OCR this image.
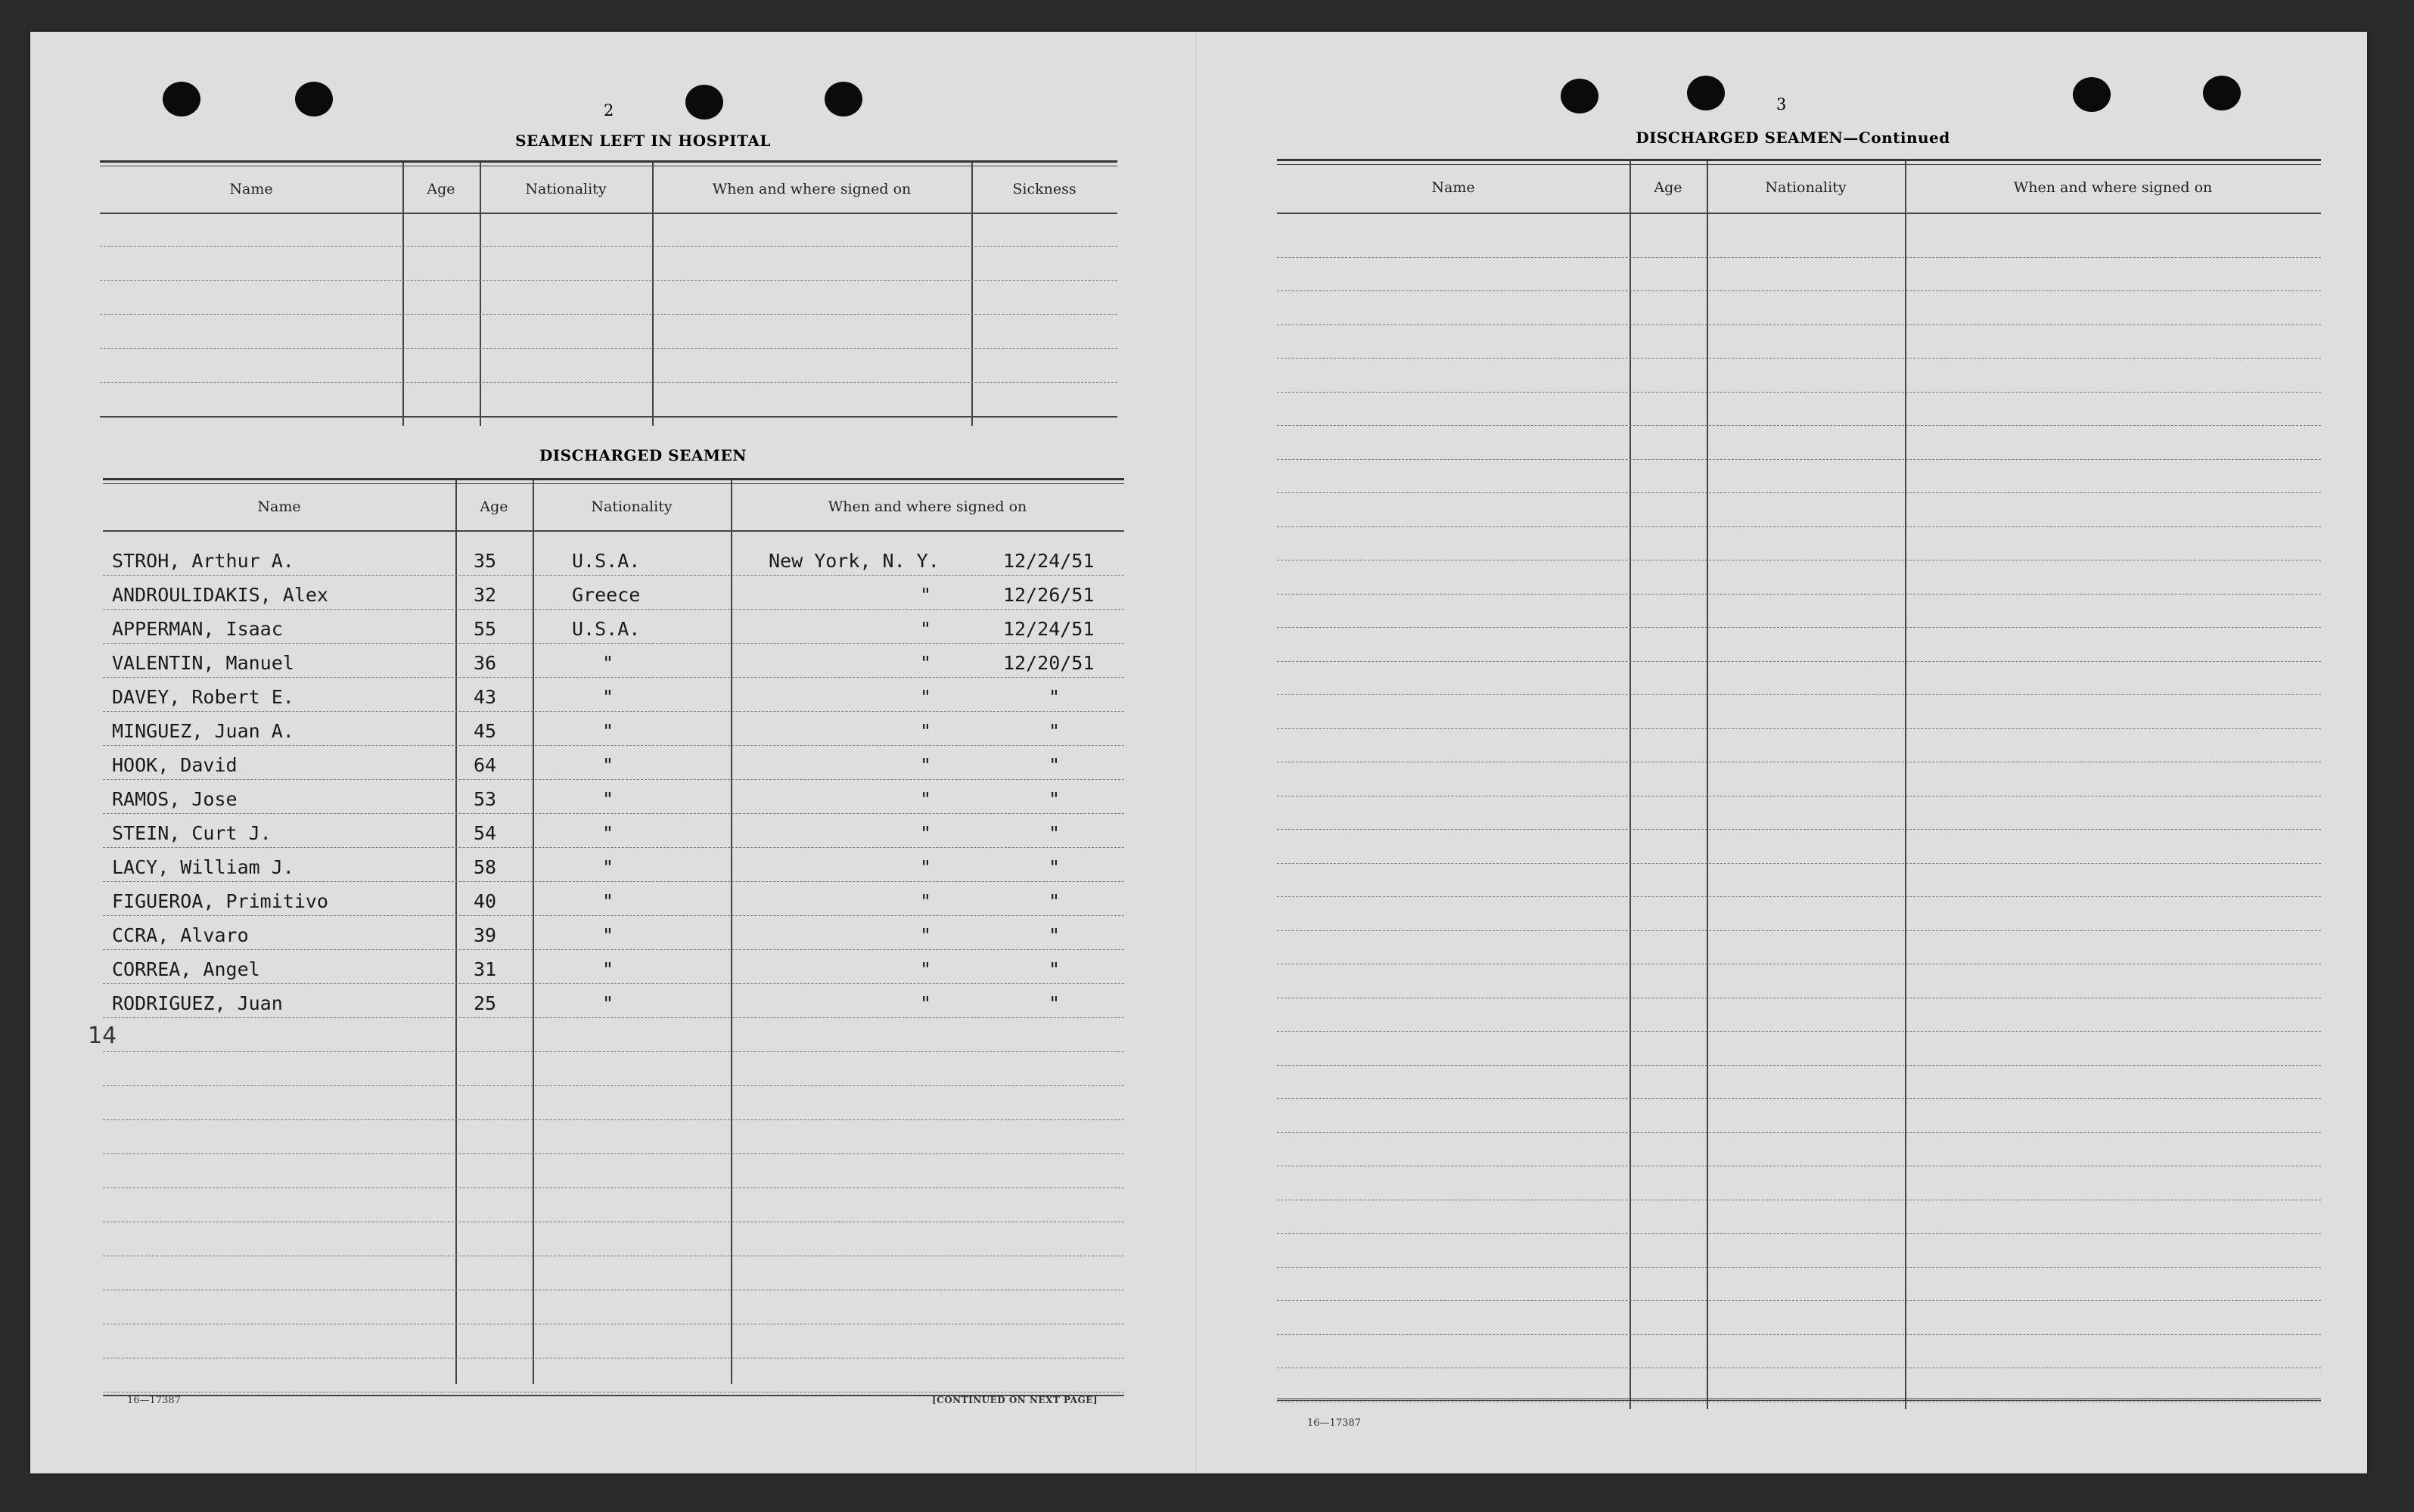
2
SEAMEN LEFT IN HOSPITAL
Name	Age	Nationality	When and where signed on	Sickness
DISCHARGED SEAMEN
Name	Age	Nationality	When and where signed on
STROH, Arthur A.	35	U.S.A.	New York, N. Y.	12/24/51
ANDROULIDAKIS, Alex	32	Greece	"	12/26/51
APPERMAN, Isaac	55	U.S.A.	"	12/24/51
VALENTIN, Manuel	36	"	"	12/20/51
DAVEY, Robert E.	43	"	"	"
MINGUEZ, Juan A.	45	"	"	"
HOOK, David	64	"	"	"
RAMOS, Jose	53	"	"	"
STEIN, Curt J.	54	"	"	"
LACY, William J.	58	"	"	"
FIGUEROA, Primitivo	40	"	"	"
CCRA, Alvaro	39	"	"	"
CORREA, Angel	31	"	"	"
RODRIGUEZ, Juan	25	"	"	"
14
16—17387	[CONTINUED ON NEXT PAGE]
3
DISCHARGED SEAMEN—Continued
Name	Age	Nationality	When and where signed on
16—17387
